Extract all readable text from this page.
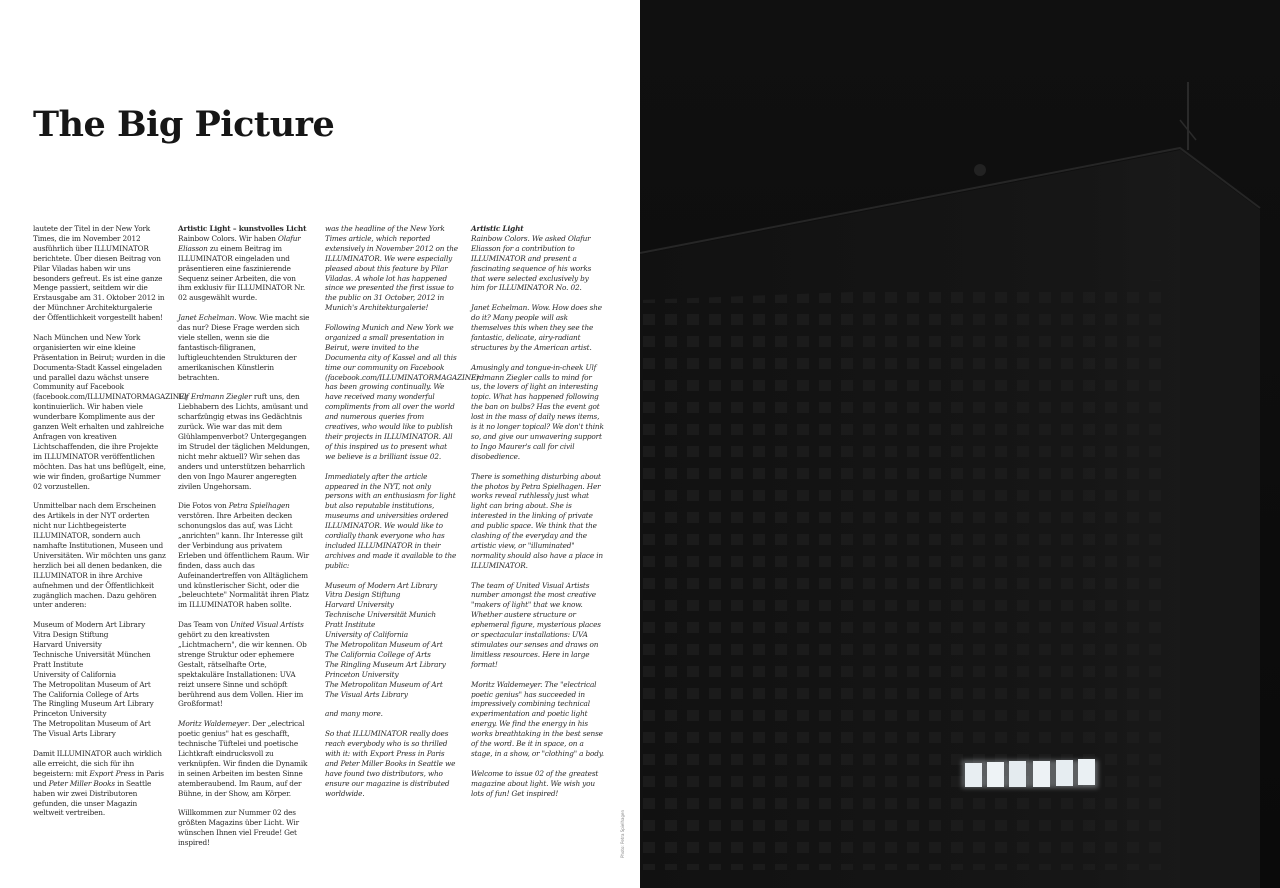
The Big Picture

lautete der Titel in der New York Times, die im November 2012 ausführlich über ILLUMINATOR berichtete. Über diesen Beitrag von Pilar Viladas haben wir uns besonders gefreut. Es ist eine ganze Menge passiert, seitdem wir die Erstausgabe am 31. Oktober 2012 in der Münchner Architekturgalerie der Öffentlichkeit vorgestellt haben!

Nach München und New York organisierten wir eine kleine Präsentation in Beirut; wurden in die Documenta-Stadt Kassel eingeladen und parallel dazu wächst unsere Community auf Facebook (facebook.com/ILLUMINATORMAGAZINE) kontinuierlich. Wir haben viele wunderbare Komplimente aus der ganzen Welt erhalten und zahlreiche Anfragen von kreativen Lichtschaffenden, die ihre Projekte im ILLUMINATOR veröffentlichen möchten. Das hat uns beflügelt, eine, wie wir finden, großartige Nummer 02 vorzustellen.

Unmittelbar nach dem Erscheinen des Artikels in der NYT orderten nicht nur Lichtbegeisterte ILLUMINATOR, sondern auch namhafte Institutionen, Museen und Universitäten. Wir möchten uns ganz herzlich bei all denen bedanken, die ILLUMINATOR in ihre Archive aufnehmen und der Öffentlichkeit zugänglich machen. Dazu gehören unter anderen:

Museum of Modern Art Library
Vitra Design Stiftung
Harvard University
Technische Universität München
Pratt Institute
University of California
The Metropolitan Museum of Art
The California College of Arts
The Ringling Museum Art Library
Princeton University
The Metropolitan Museum of Art
The Visual Arts Library

Damit ILLUMINATOR auch wirklich alle erreicht, die sich für ihn begeistern: mit Export Press in Paris und Peter Miller Books in Seattle haben wir zwei Distributoren gefunden, die unser Magazin weltweit vertreiben.

Artistic Light – kunstvolles Licht

Rainbow Colors. Wir haben Olafur Eliasson zu einem Beitrag im ILLUMINATOR eingeladen und präsentieren eine faszinierende Sequenz seiner Arbeiten, die von ihm exklusiv für ILLUMINATOR Nr. 02 ausgewählt wurde.

Janet Echelman. Wow. Wie macht sie das nur? Diese Frage werden sich viele stellen, wenn sie die fantastisch-filigranen, luftigleuchtenden Strukturen der amerikanischen Künstlerin betrachten.

Ulf Erdmann Ziegler ruft uns, den Liebhabern des Lichts, amüsant und scharfzüngig etwas ins Gedächtnis zurück. Wie war das mit dem Glühlampenverbot? Untergegangen im Strudel der täglichen Meldungen, nicht mehr aktuell? Wir sehen das anders und unterstützen beharrlich den von Ingo Maurer angeregten zivilen Ungehorsam.

Die Fotos von Petra Spielhagen verstören. Ihre Arbeiten decken schonungslos das auf, was Licht „anrichten" kann. Ihr Interesse gilt der Verbindung aus privatem Erleben und öffentlichem Raum. Wir finden, dass auch das Aufeinandertreffen von Alltäglichem und künstlerischer Sicht, oder die „beleuchtete" Normalität ihren Platz im ILLUMINATOR haben sollte.

Das Team von United Visual Artists gehört zu den kreativsten „Lichtmachern", die wir kennen. Ob strenge Struktur oder ephemere Gestalt, rätselhafte Orte, spektakuläre Installationen: UVA reizt unsere Sinne und schöpft berührend aus dem Vollen. Hier im Großformat!

Moritz Waldemeyer. Der „electrical poetic genius" hat es geschafft, technische Tüftelei und poetische Lichtkraft eindrucksvoll zu verknüpfen. Wir finden die Dynamik in seinen Arbeiten im besten Sinne atemberaubend. Im Raum, auf der Bühne, in der Show, am Körper.

Willkommen zur Nummer 02 des größten Magazins über Licht. Wir wünschen Ihnen viel Freude! Get inspired!

was the headline of the New York Times article, which reported extensively in November 2012 on the ILLUMINATOR. We were especially pleased about this feature by Pilar Viladas. A whole lot has happened since we presented the first issue to the public on 31 October, 2012 in Munich's Architekturgalerie!

Following Munich and New York we organized a small presentation in Beirut, were invited to the Documenta city of Kassel and all this time our community on Facebook (facebook.com/ILLUMINATORMAGAZINE) has been growing continually. We have received many wonderful compliments from all over the world and numerous queries from creatives, who would like to publish their projects in ILLUMINATOR. All of this inspired us to present what we believe is a brilliant issue 02.

Immediately after the article appeared in the NYT, not only persons with an enthusiasm for light but also reputable institutions, museums and universities ordered ILLUMINATOR. We would like to cordially thank everyone who has included ILLUMINATOR in their archives and made it available to the public:

Museum of Modern Art Library
Vitra Design Stiftung
Harvard University
Technische Universität Munich
Pratt Institute
University of California
The Metropolitan Museum of Art
The California College of Arts
The Ringling Museum Art Library
Princeton University
The Metropolitan Museum of Art
The Visual Arts Library

and many more.

So that ILLUMINATOR really does reach everybody who is so thrilled with it: with Export Press in Paris and Peter Miller Books in Seattle we have found two distributors, who ensure our magazine is distributed worldwide.

Artistic Light

Rainbow Colors. We asked Olafur Eliasson for a contribution to ILLUMINATOR and present a fascinating sequence of his works that were selected exclusively by him for ILLUMINATOR No. 02.

Janet Echelman. Wow. How does she do it? Many people will ask themselves this when they see the fantastic, delicate, airy-radiant structures by the American artist.

Amusingly and tongue-in-cheek Ulf Erdmann Ziegler calls to mind for us, the lovers of light an interesting topic. What has happened following the ban on bulbs? Has the event got lost in the mass of daily news items, is it no longer topical? We don't think so, and give our unwavering support to Ingo Maurer's call for civil disobedience.

There is something disturbing about the photos by Petra Spielhagen. Her works reveal ruthlessly just what light can bring about. She is interested in the linking of private and public space. We think that the clashing of the everyday and the artistic view, or "illuminated" normality should also have a place in ILLUMINATOR.

The team of United Visual Artists number amongst the most creative "makers of light" that we know. Whether austere structure or ephemeral figure, mysterious places or spectacular installations: UVA stimulates our senses and draws on limitless resources. Here in large format!

Moritz Waldemeyer. The "electrical poetic genius" has succeeded in impressively combining technical experimentation and poetic light energy. We find the energy in his works breathtaking in the best sense of the word. Be it in space, on a stage, in a show, or "clothing" a body.

Welcome to issue 02 of the greatest magazine about light. We wish you lots of fun! Get inspired!

Photo: Petra Spielhagen
